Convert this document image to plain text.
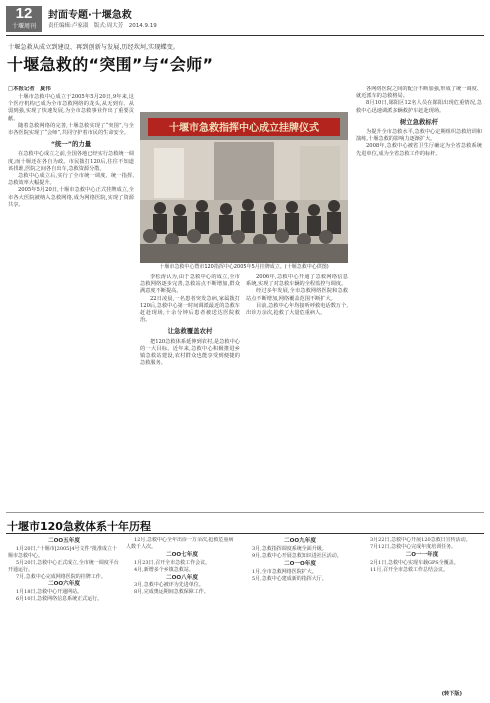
12
十堰周刊
封面专题·十堰急救
责任编辑:卢家淑　版式:周大芳　2014.9.19
十堰急救从成立到建设、再到创新与发展,历经坎坷,实现蝶变。
十堰急救的“突围”与“会师”
□本报记者　夏伟
十堰市急救中心成立于2005年5月20日,9年来,这个医疗机构已成为全市急救网络的龙头,从无到有、从弱到强,实现了快速发展,为全市急救事业作出了重要贡献。
随着急救网络的完善,十堰急救实现了“突围”,与全市各医院实现了“会师”,共同守护着市民的生命安全。
“统一”的力量
在急救中心成立之前,全国各地已经实行急救统一调度,而十堰还在各自为政。市民拨打120后,往往不知道该找谁,医院之间各自出车,急救资源分散。
急救中心成立后,实行了全市统一调度、统一指挥,急救效率大幅提升。
2005年5月20日,十堰市急救中心正式挂牌成立,全市各大医院被纳入急救网络,成为网络医院,实现了资源共享。
十堰市急救指挥中心成立挂牌仪式
十堰市急救中心暨市120指挥中心2005年5月挂牌成立。(十堰急救中心供图)
李松涛认为,由于急救中心的成立,全市急救网络逐步完善,急救站点不断增加,群众满意度不断提高。
22日凌晨,一名患者突发急病,家属拨打120后,急救中心第一时间调派最近的急救车赶赴现场,十余分钟后患者被送达医院救治。
让急救覆盖农村
把120急救体系延伸到农村,是急救中心的一大目标。近年来,急救中心积极推进乡镇急救站建设,农村群众也能享受到便捷的急救服务。
2006年,急救中心开通了急救网络信息系统,实现了对急救车辆的全程监控与调度。
经过多年发展,全市急救网络医院和急救站点不断增加,网络覆盖范围不断扩大。
目前,急救中心年均接听呼救电话数万个,出诊万余次,抢救了大量危重病人。
各网络医院之间的配合不断加强,形成了统一调度、就近派车的急救格局。
8月10日,郧阳区12名人员在郧阳出现危重情况,急救中心迅速调派多辆救护车赶赴现场。
树立急救标杆
为提升全市急救水平,急救中心定期组织急救培训和演练,十堰急救的影响力逐渐扩大。
2008年,急救中心被省卫生厅确定为全省急救系统先进单位,成为全省急救工作的标杆。
十堰市120急救体系十年历程
二OO五年度
1月20日,“十堰市[2005]4号文件”批准成立十堰市急救中心。
5月20日,急救中心正式成立,全市统一调度平台开通运行。
7月,急救中心完成网络医院的挂牌工作。
二OO六年度
1月18日,急救中心开通网站。
6月10日,急救网络信息系统正式运行。
12月,急救中心全年出诊一万余次,抢救危重病人数千人次。
二OO七年度
1月23日,召开全市急救工作会议。
4月,新增多个乡镇急救站。
二OO八年度
3月,急救中心被评为先进单位。
8月,完成奥运期间急救保障工作。
二OO九年度
3月,急救指挥调度系统全面升级。
9月,急救中心开展急救知识进社区活动。
二O一O年度
1月,全市急救网络医院扩大。
5月,急救中心建成新的指挥大厅。
3月22日,急救中心开展120急救日宣传活动。
7月12日,急救中心完成年度培训任务。
二O一一年度
2月1日,急救中心实现车载GPS全覆盖。
11月,召开全市急救工作总结会议。
(转下版)
